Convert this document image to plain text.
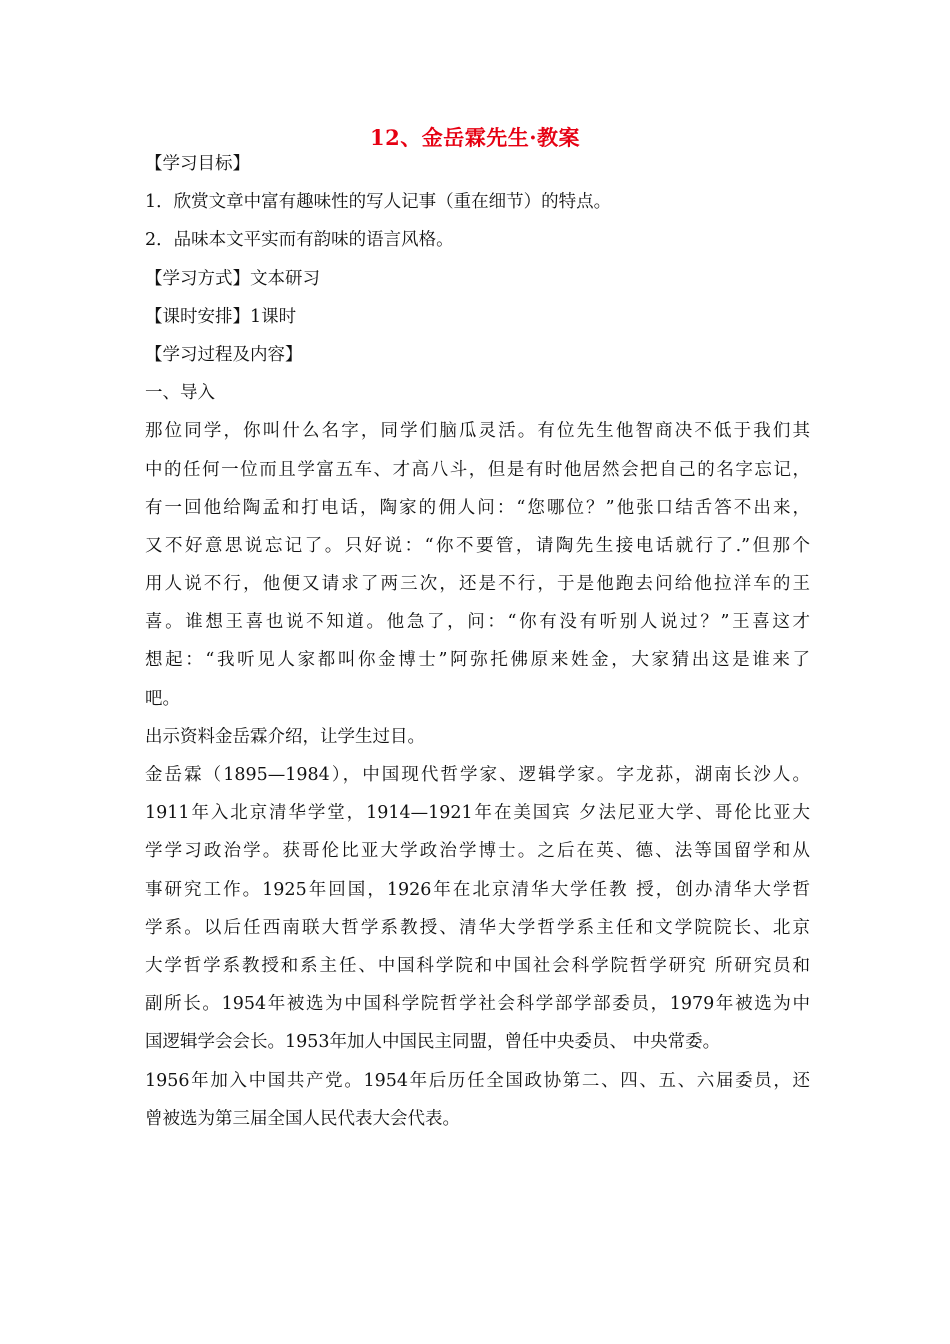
12、金岳霖先生·教案
【学习目标】
1．欣赏文章中富有趣味性的写人记事（重在细节）的特点。
2．品味本文平实而有韵味的语言风格。
【学习方式】文本研习
【课时安排】1课时
【学习过程及内容】
一、导入
那位同学，你叫什么名字，同学们脑瓜灵活。有位先生他智商决不低于我们其
中的任何一位而且学富五车、才高八斗，但是有时他居然会把自己的名字忘记，
有一回他给陶孟和打电话，陶家的佣人问：“您哪位？”他张口结舌答不出来，
又不好意思说忘记了。只好说：“你不要管，请陶先生接电话就行了.”但那个
用人说不行，他便又请求了两三次，还是不行，于是他跑去问给他拉洋车的王
喜。谁想王喜也说不知道。他急了，问：“你有没有听别人说过？”王喜这才
想起：“我听见人家都叫你金博士”阿弥托佛原来姓金，大家猜出这是谁来了
吧。
出示资料金岳霖介绍，让学生过目。
金岳霖（1895—1984），中国现代哲学家、逻辑学家。字龙荪，湖南长沙人。
1911年入北京清华学堂，1914—1921年在美国宾 夕法尼亚大学、哥伦比亚大
学学习政治学。获哥伦比亚大学政治学博士。之后在英、德、法等国留学和从
事研究工作。1925年回国，1926年在北京清华大学任教 授，创办清华大学哲
学系。以后任西南联大哲学系教授、清华大学哲学系主任和文学院院长、北京
大学哲学系教授和系主任、中国科学院和中国社会科学院哲学研究 所研究员和
副所长。1954年被选为中国科学院哲学社会科学部学部委员，1979年被选为中
国逻辑学会会长。1953年加人中国民主同盟，曾任中央委员、 中央常委。
1956年加入中国共产党。1954年后历任全国政协第二、四、五、六届委员，还
曾被选为第三届全国人民代表大会代表。
